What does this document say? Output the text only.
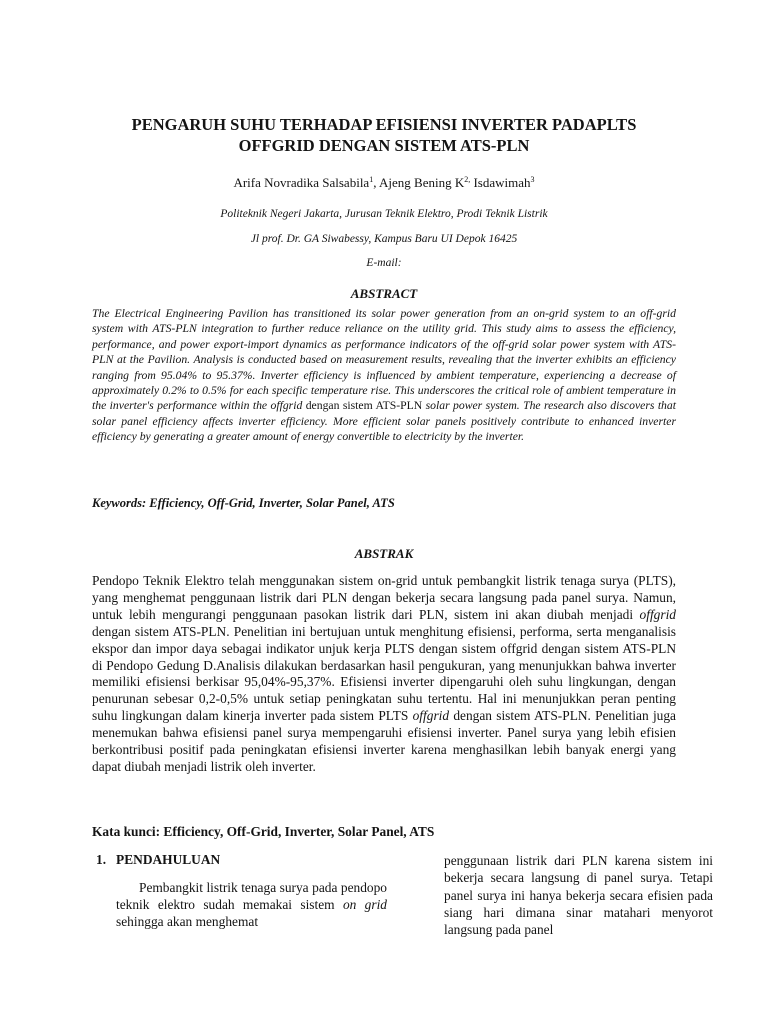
PENGARUH SUHU TERHADAP EFISIENSI INVERTER PADAPLTS
OFFGRID DENGAN SISTEM ATS-PLN
Arifa Novradika Salsabila$^1$, Ajeng Bening $K^{2,}$ Isdawimah$^3$
Politeknik Negeri Jakarta, Jurusan Teknik Elektro, Prodi Teknik Listrik
Jl prof. Dr. GA Siwabessy, Kampus Baru UI Depok 16425
E-mail:
ABSTRACT

The Electrical Engineering Pavilion has transitioned its solar power generation from an on-grid system to an off-grid system with ATS-PLN integration to further reduce reliance on the utility grid. This study aims to assess the efficiency, performance, and power export-import dynamics as performance indicators of the off-grid solar power system with ATS-PLN at the Pavilion. Analysis is conducted based on measurement results, revealing that the inverter exhibits an efficiency ranging from 95.04% to 95.37%. Inverter efficiency is influenced by ambient temperature, experiencing a decrease of approximately 0.2% to 0.5% for each specific temperature rise. This underscores the critical role of ambient temperature in the inverter's performance within the offgrid dengan sistem ATS-PLN solar power system. The research also discovers that solar panel efficiency affects inverter efficiency. More efficient solar panels positively contribute to enhanced inverter efficiency by generating a greater amount of energy convertible to electricity by the inverter.

Keywords: Efficiency, Off-Grid, Inverter, Solar Panel, ATS
ABSTRAK

Pendopo Teknik Elektro telah menggunakan sistem on-grid untuk pembangkit listrik tenaga surya (PLTS), yang menghemat penggunaan listrik dari PLN dengan bekerja secara langsung pada panel surya. Namun, untuk lebih mengurangi penggunaan pasokan listrik dari PLN, sistem ini akan diubah menjadi offgrid dengan sistem ATS-PLN. Penelitian ini bertujuan untuk menghitung efisiensi, performa, serta menganalisis ekspor dan impor daya sebagai indikator unjuk kerja PLTS dengan sistem offgrid dengan sistem ATS-PLN di Pendopo Gedung D.Analisis dilakukan berdasarkan hasil pengukuran, yang menunjukkan bahwa inverter memiliki efisiensi berkisar 95,04%-95,37%. Efisiensi inverter dipengaruhi oleh suhu lingkungan, dengan penurunan sebesar 0,2-0,5% untuk setiap peningkatan suhu tertentu. Hal ini menunjukkan peran penting suhu lingkungan dalam kinerja inverter pada sistem PLTS offgrid dengan sistem ATS-PLN. Penelitian juga menemukan bahwa efisiensi panel surya mempengaruhi efisiensi inverter. Panel surya yang lebih efisien berkontribusi positif pada peningkatan efisiensi inverter karena menghasilkan lebih banyak energi yang dapat diubah menjadi listrik oleh inverter.

Kata kunci: Efficiency, Off-Grid, Inverter, Solar Panel, ATS
1. PENDAHULUAN

Pembangkit listrik tenaga surya pada pendopo teknik elektro sudah memakai sistem on grid sehingga akan menghemat

penggunaan listrik dari PLN karena sistem ini bekerja secara langsung di panel surya. Tetapi panel surya ini hanya bekerja secara efisien pada siang hari dimana sinar matahari menyorot langsung pada panel
